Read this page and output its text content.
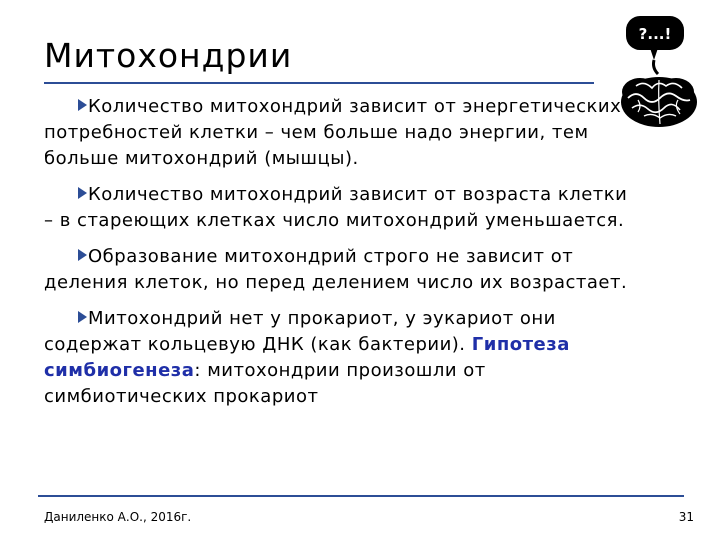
Митохондрии
?...!

Количество митохондрий зависит от энергетических потребностей клетки – чем больше надо энергии, тем больше митохондрий (мышцы).

Количество митохондрий зависит от возраста клетки – в стареющих клетках число митохондрий уменьшается.

Образование митохондрий строго не зависит от деления клеток, но перед делением число их возрастает.

Митохондрий нет у прокариот, у эукариот они содержат кольцевую ДНК (как бактерии). Гипотеза симбиогенеза: митохондрии произошли от симбиотических прокариот

Даниленко А.О., 2016г.	31
